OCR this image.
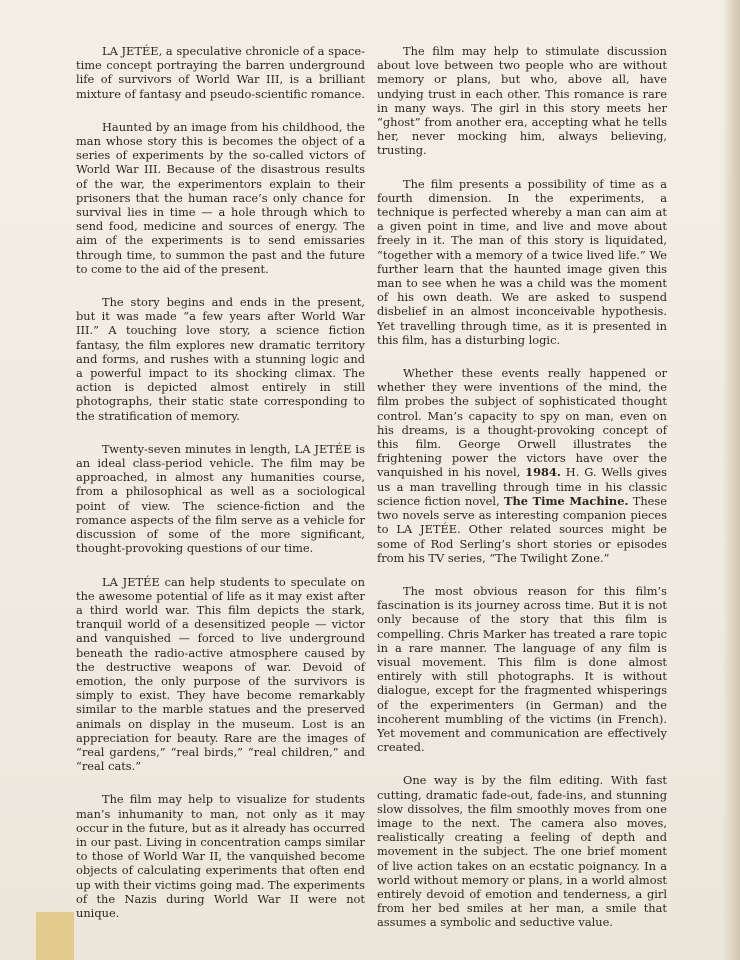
LA JETÉE, a speculative chronicle of a space-time concept portraying the barren underground life of survivors of World War III, is a brilliant mixture of fantasy and pseudo-scientific romance.

Haunted by an image from his childhood, the man whose story this is becomes the object of a series of experiments by the so-called victors of World War III. Because of the disastrous results of the war, the experimentors explain to their prisoners that the human race’s only chance for survival lies in time — a hole through which to send food, medicine and sources of energy. The aim of the experiments is to send emissaries through time, to summon the past and the future to come to the aid of the present.

The story begins and ends in the present, but it was made “a few years after World War III.” A touching love story, a science fiction fantasy, the film explores new dramatic territory and forms, and rushes with a stunning logic and a powerful impact to its shocking climax. The action is depicted almost entirely in still photographs, their static state corresponding to the stratification of memory.

Twenty-seven minutes in length, LA JETÉE is an ideal class-period vehicle. The film may be approached, in almost any humanities course, from a philosophical as well as a sociological point of view. The science-fiction and the romance aspects of the film serve as a vehicle for discussion of some of the more significant, thought-provoking questions of our time.

LA JETÉE can help students to speculate on the awesome potential of life as it may exist after a third world war. This film depicts the stark, tranquil world of a desensitized people — victor and vanquished — forced to live underground beneath the radio-active atmosphere caused by the destructive weapons of war. Devoid of emotion, the only purpose of the survivors is simply to exist. They have become remarkably similar to the marble statues and the preserved animals on display in the museum. Lost is an appreciation for beauty. Rare are the images of “real gardens,” “real birds,” “real children,” and “real cats.”

The film may help to visualize for students man’s inhumanity to man, not only as it may occur in the future, but as it already has occurred in our past. Living in concentration camps similar to those of World War II, the vanquished become objects of calculating experiments that often end up with their victims going mad. The experiments of the Nazis during World War II were not unique.

The film may help to stimulate discussion about love between two people who are without memory or plans, but who, above all, have undying trust in each other. This romance is rare in many ways. The girl in this story meets her “ghost” from another era, accepting what he tells her, never mocking him, always believing, trusting.

The film presents a possibility of time as a fourth dimension. In the experiments, a technique is perfected whereby a man can aim at a given point in time, and live and move about freely in it. The man of this story is liquidated, “together with a memory of a twice lived life.” We further learn that the haunted image given this man to see when he was a child was the moment of his own death. We are asked to suspend disbelief in an almost inconceivable hypothesis. Yet travelling through time, as it is presented in this film, has a disturbing logic.

Whether these events really happened or whether they were inventions of the mind, the film probes the subject of sophisticated thought control. Man’s capacity to spy on man, even on his dreams, is a thought-provoking concept of this film. George Orwell illustrates the frightening power the victors have over the vanquished in his novel, 1984. H. G. Wells gives us a man travelling through time in his classic science fiction novel, The Time Machine. These two novels serve as interesting companion pieces to LA JETÉE. Other related sources might be some of Rod Serling’s short stories or episodes from his TV series, “The Twilight Zone.”

The most obvious reason for this film’s fascination is its journey across time. But it is not only because of the story that this film is compelling. Chris Marker has treated a rare topic in a rare manner. The language of any film is visual movement. This film is done almost entirely with still photographs. It is without dialogue, except for the fragmented whisperings of the experimenters (in German) and the incoherent mumbling of the victims (in French). Yet movement and communication are effectively created.

One way is by the film editing. With fast cutting, dramatic fade-out, fade-ins, and stunning slow dissolves, the film smoothly moves from one image to the next. The camera also moves, realistically creating a feeling of depth and movement in the subject. The one brief moment of live action takes on an ecstatic poignancy. In a world without memory or plans, in a world almost entirely devoid of emotion and tenderness, a girl from her bed smiles at her man, a smile that assumes a symbolic and seductive value.
